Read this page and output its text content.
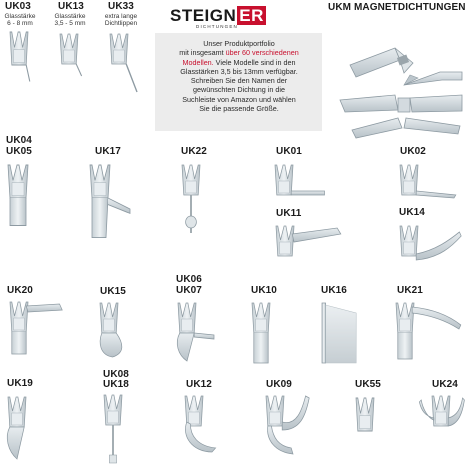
STEIGN ER
DICHTUNGEN
Unser Produktportfolio
mit insgesamt über 60 verschiedenen
Modellen. Viele Modelle sind in den
Glasstärken 3,5 bis 13mm verfügbar.
Schreiben Sie den Namen der
gewünschten Dichtung in die
Suchleiste von Amazon und wählen
Sie die passende Größe.
UK03
Glasstärke
6 - 8 mm
UK13
Glasstärke
3,5 - 5 mm
UK33
extra lange
Dichtlippen
UKM MAGNETDICHTUNGEN
UK04
UK05	UK17	UK22	UK01	UK02
UK11	UK14
UK06
UK07
UK20	UK15	UK10	UK16	UK21
UK19
UK08
UK18	UK12	UK09	UK55	UK24
